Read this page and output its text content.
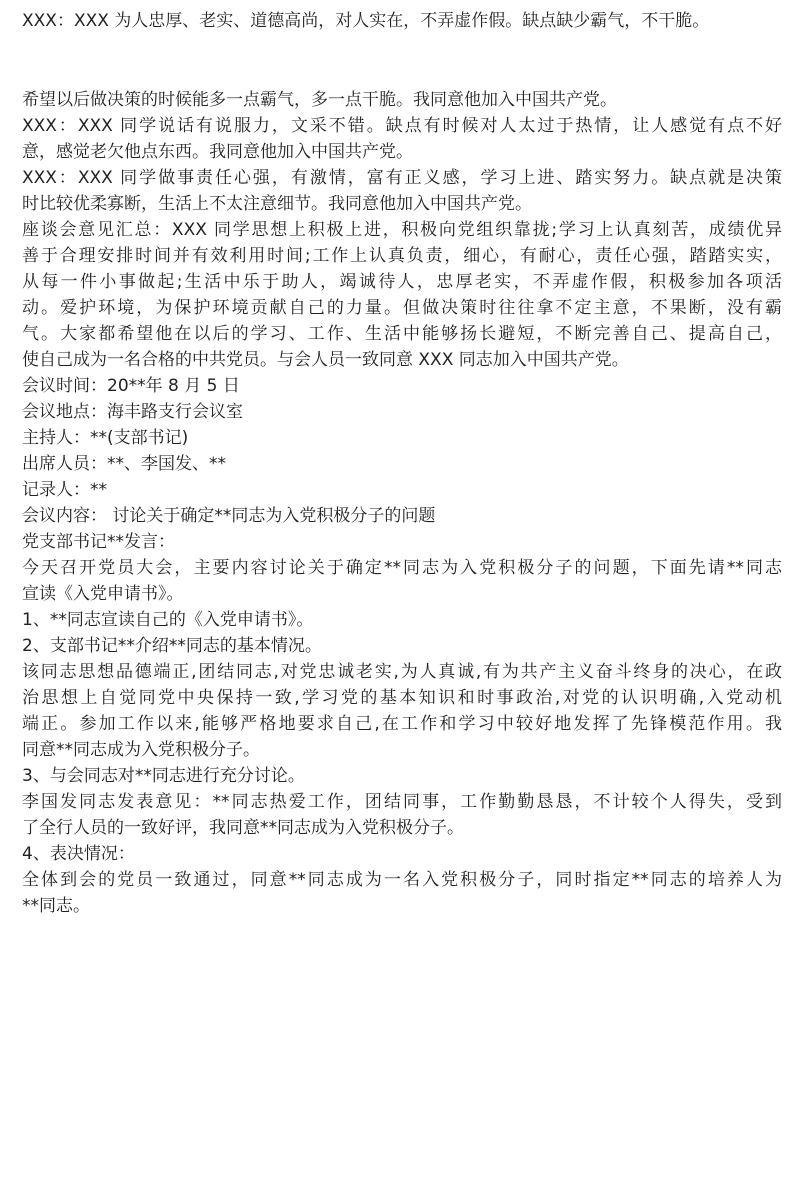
XXX：XXX 为人忠厚、老实、道德高尚，对人实在，不弄虚作假。缺点缺少霸气，不干脆。
希望以后做决策的时候能多一点霸气，多一点干脆。我同意他加入中国共产党。
XXX：XXX 同学说话有说服力，文采不错。缺点有时候对人太过于热情，让人感觉有点不好
意，感觉老欠他点东西。我同意他加入中国共产党。
XXX：XXX 同学做事责任心强，有激情，富有正义感，学习上进、踏实努力。缺点就是决策
时比较优柔寡断，生活上不太注意细节。我同意他加入中国共产党。
座谈会意见汇总：XXX 同学思想上积极上进，积极向党组织靠拢;学习上认真刻苦，成绩优异
善于合理安排时间并有效利用时间;工作上认真负责，细心，有耐心，责任心强，踏踏实实，
从每一件小事做起;生活中乐于助人，竭诚待人，忠厚老实，不弄虚作假，积极参加各项活
动。爱护环境，为保护环境贡献自己的力量。但做决策时往往拿不定主意，不果断，没有霸
气。大家都希望他在以后的学习、工作、生活中能够扬长避短，不断完善自己、提高自己，
使自己成为一名合格的中共党员。与会人员一致同意 XXX 同志加入中国共产党。
会议时间：20**年 8 月 5 日
会议地点：海丰路支行会议室
主持人：**(支部书记)
出席人员：**、李国发、**
记录人：**
会议内容： 讨论关于确定**同志为入党积极分子的问题
党支部书记**发言：
今天召开党员大会，主要内容讨论关于确定**同志为入党积极分子的问题，下面先请**同志
宣读《入党申请书》。
1、**同志宣读自己的《入党申请书》。
2、支部书记**介绍**同志的基本情况。
该同志思想品德端正,团结同志,对党忠诚老实,为人真诚,有为共产主义奋斗终身的决心，在政
治思想上自觉同党中央保持一致,学习党的基本知识和时事政治,对党的认识明确,入党动机
端正。参加工作以来,能够严格地要求自己,在工作和学习中较好地发挥了先锋模范作用。我
同意**同志成为入党积极分子。
3、与会同志对**同志进行充分讨论。
李国发同志发表意见：**同志热爱工作，团结同事，工作勤勤恳恳，不计较个人得失，受到
了全行人员的一致好评，我同意**同志成为入党积极分子。
4、表决情况：
全体到会的党员一致通过，同意**同志成为一名入党积极分子，同时指定**同志的培养人为
**同志。
